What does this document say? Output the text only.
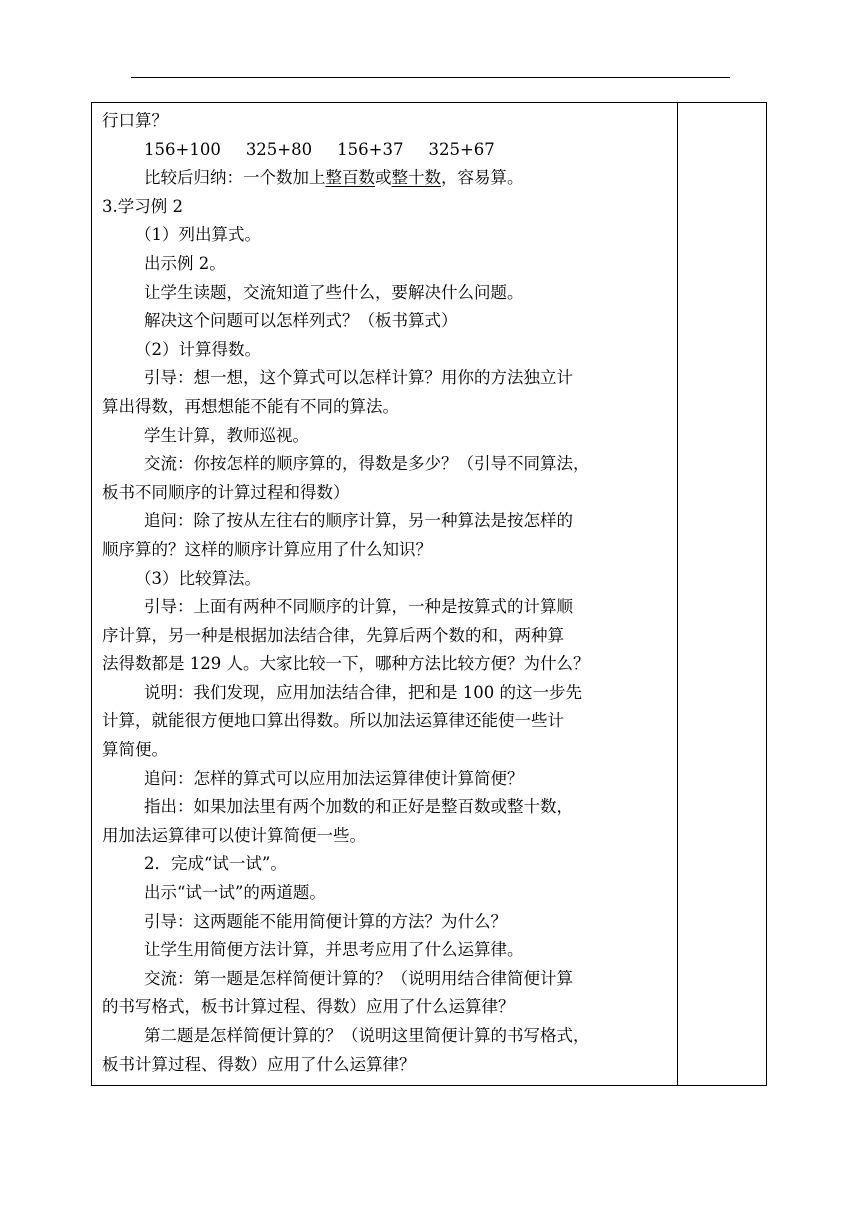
行口算？
156+100 325+80 156+37 325+67
比较后归纳：一个数加上整百数或整十数，容易算。
3.学习例 2
（1）列出算式。
出示例 2。
让学生读题，交流知道了些什么，要解决什么问题。
解决这个问题可以怎样列式？（板书算式）
（2）计算得数。
引导：想一想，这个算式可以怎样计算？用你的方法独立计
算出得数，再想想能不能有不同的算法。
学生计算，教师巡视。
交流：你按怎样的顺序算的，得数是多少？（引导不同算法，
板书不同顺序的计算过程和得数）
追问：除了按从左往右的顺序计算，另一种算法是按怎样的
顺序算的？这样的顺序计算应用了什么知识？
（3）比较算法。
引导：上面有两种不同顺序的计算，一种是按算式的计算顺
序计算，另一种是根据加法结合律，先算后两个数的和，两种算
法得数都是 129 人。大家比较一下，哪种方法比较方便？为什么？
说明：我们发现，应用加法结合律，把和是 100 的这一步先
计算，就能很方便地口算出得数。所以加法运算律还能使一些计
算简便。
追问：怎样的算式可以应用加法运算律使计算简便？
指出：如果加法里有两个加数的和正好是整百数或整十数，
用加法运算律可以使计算简便一些。
2．完成“试一试”。
出示“试一试”的两道题。
引导：这两题能不能用简便计算的方法？为什么？
让学生用简便方法计算，并思考应用了什么运算律。
交流：第一题是怎样简便计算的？（说明用结合律简便计算
的书写格式，板书计算过程、得数）应用了什么运算律？
第二题是怎样简便计算的？（说明这里简便计算的书写格式，
板书计算过程、得数）应用了什么运算律？
